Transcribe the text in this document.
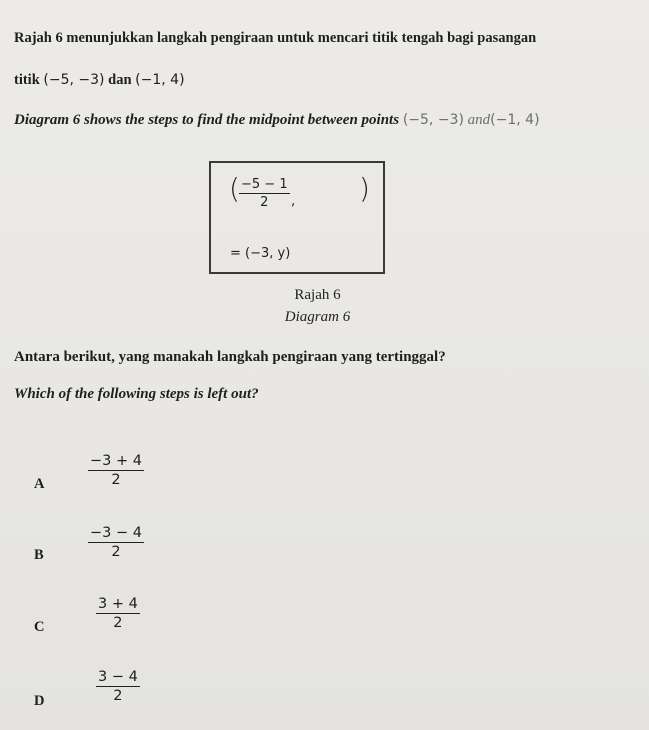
Rajah 6 menunjukkan langkah pengiraan untuk mencari titik tengah bagi pasangan
titik (−5, −3) dan (−1, 4)
Diagram 6 shows the steps to find the midpoint between points (−5, −3) and(−1, 4)
( $\frac{-5 - 1}{2}$ , )
= (−3, y)
Rajah 6
Diagram 6
Antara berikut, yang manakah langkah pengiraan yang tertinggal?
Which of the following steps is left out?
A	$\frac{-3 + 4}{2}$
B	$\frac{-3 - 4}{2}$
C	$\frac{3 + 4}{2}$
D	$\frac{3 - 4}{2}$
